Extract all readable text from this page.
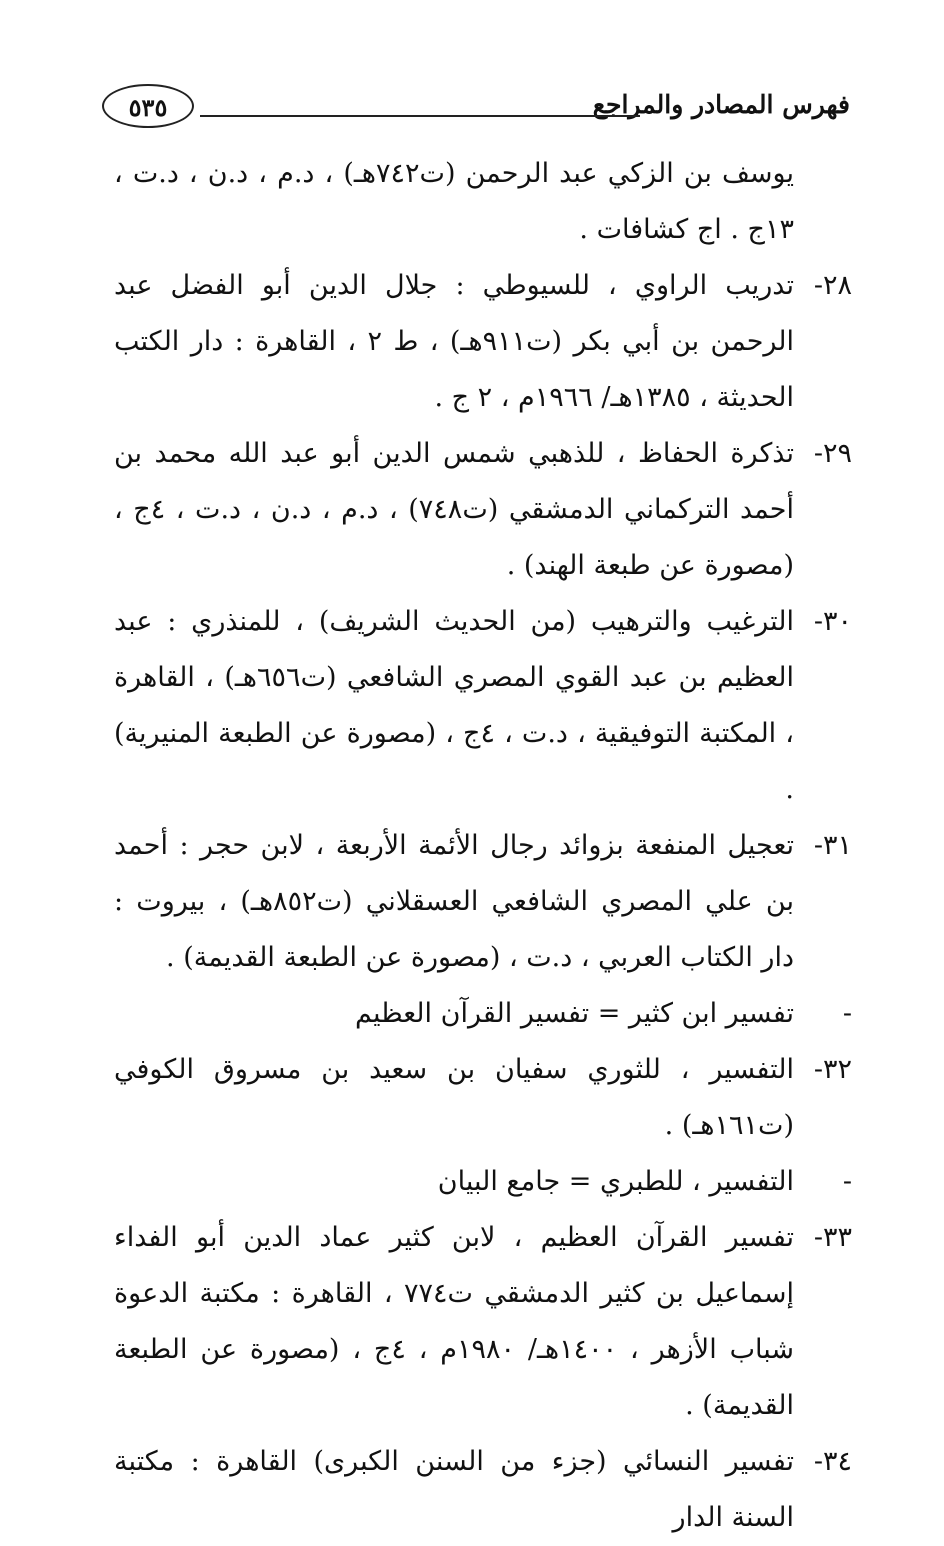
فهرس المصادر والمراجع
٥٣٥
يوسف بن الزكي عبد الرحمن (ت٧٤٢هـ) ، د.م ، د.ن ، د.ت ، ١٣ج . اج كشافات .
٢٨-
تدريب الراوي ، للسيوطي : جلال الدين أبو الفضل عبد الرحمن بن أبي بكر (ت٩١١هـ) ، ط ٢ ، القاهرة : دار الكتب الحديثة ، ١٣٨٥هـ/ ١٩٦٦م ، ٢ ج .
٢٩-
تذكرة الحفاظ ، للذهبي شمس الدين أبو عبد الله محمد بن أحمد التركماني الدمشقي (ت٧٤٨) ، د.م ، د.ن ، د.ت ، ٤ج ، (مصورة عن طبعة الهند) .
٣٠-
الترغيب والترهيب (من الحديث الشريف) ، للمنذري : عبد العظيم بن عبد القوي المصري الشافعي (ت٦٥٦هـ) ، القاهرة ، المكتبة التوفيقية ، د.ت ، ٤ج ، (مصورة عن الطبعة المنيرية) .
٣١-
تعجيل المنفعة بزوائد رجال الأئمة الأربعة ، لابن حجر : أحمد بن علي المصري الشافعي العسقلاني (ت٨٥٢هـ) ، بيروت : دار الكتاب العربي ، د.ت ، (مصورة عن الطبعة القديمة) .
-
تفسير ابن كثير = تفسير القرآن العظيم
٣٢-
التفسير ، للثوري سفيان بن سعيد بن مسروق الكوفي (ت١٦١هـ) .
-
التفسير ، للطبري = جامع البيان
٣٣-
تفسير القرآن العظيم ، لابن كثير عماد الدين أبو الفداء إسماعيل بن كثير الدمشقي ت٧٧٤ ، القاهرة : مكتبة الدعوة شباب الأزهر ، ١٤٠٠هـ/ ١٩٨٠م ، ٤ج ، (مصورة عن الطبعة القديمة) .
٣٤-
تفسير النسائي (جزء من السنن الكبرى) القاهرة : مكتبة السنة الدار
